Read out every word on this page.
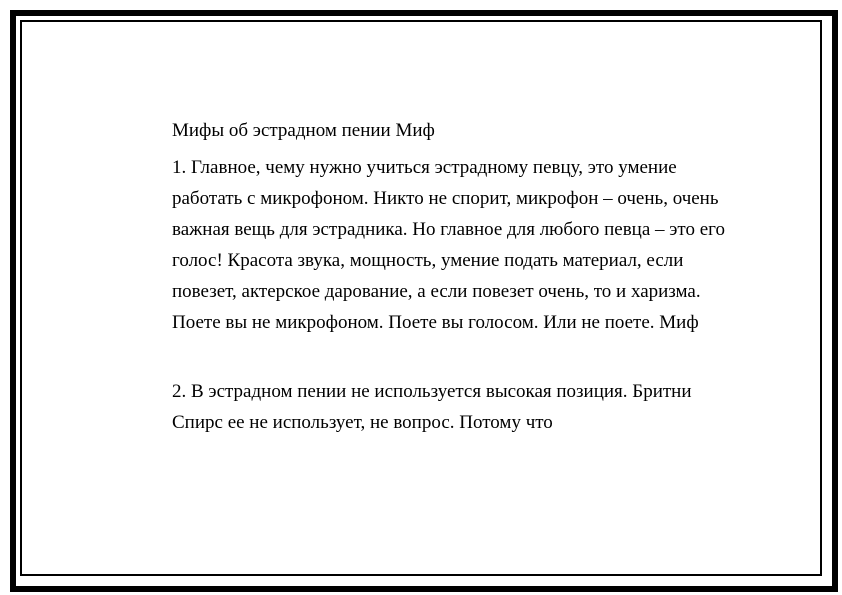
Мифы об эстрадном пении Миф

1. Главное, чему нужно учиться эстрадному певцу, это умение работать с микрофоном. Никто не спорит, микрофон – очень, очень важная вещь для эстрадника. Но главное для любого певца – это его голос! Красота звука, мощность, умение подать материал, если повезет, актерское дарование, а если повезет очень, то и харизма. Поете вы не микрофоном. Поете вы голосом. Или не поете. Миф

2. В эстрадном пении не используется высокая позиция. Бритни Спирс ее не использует, не вопрос. Потому что
